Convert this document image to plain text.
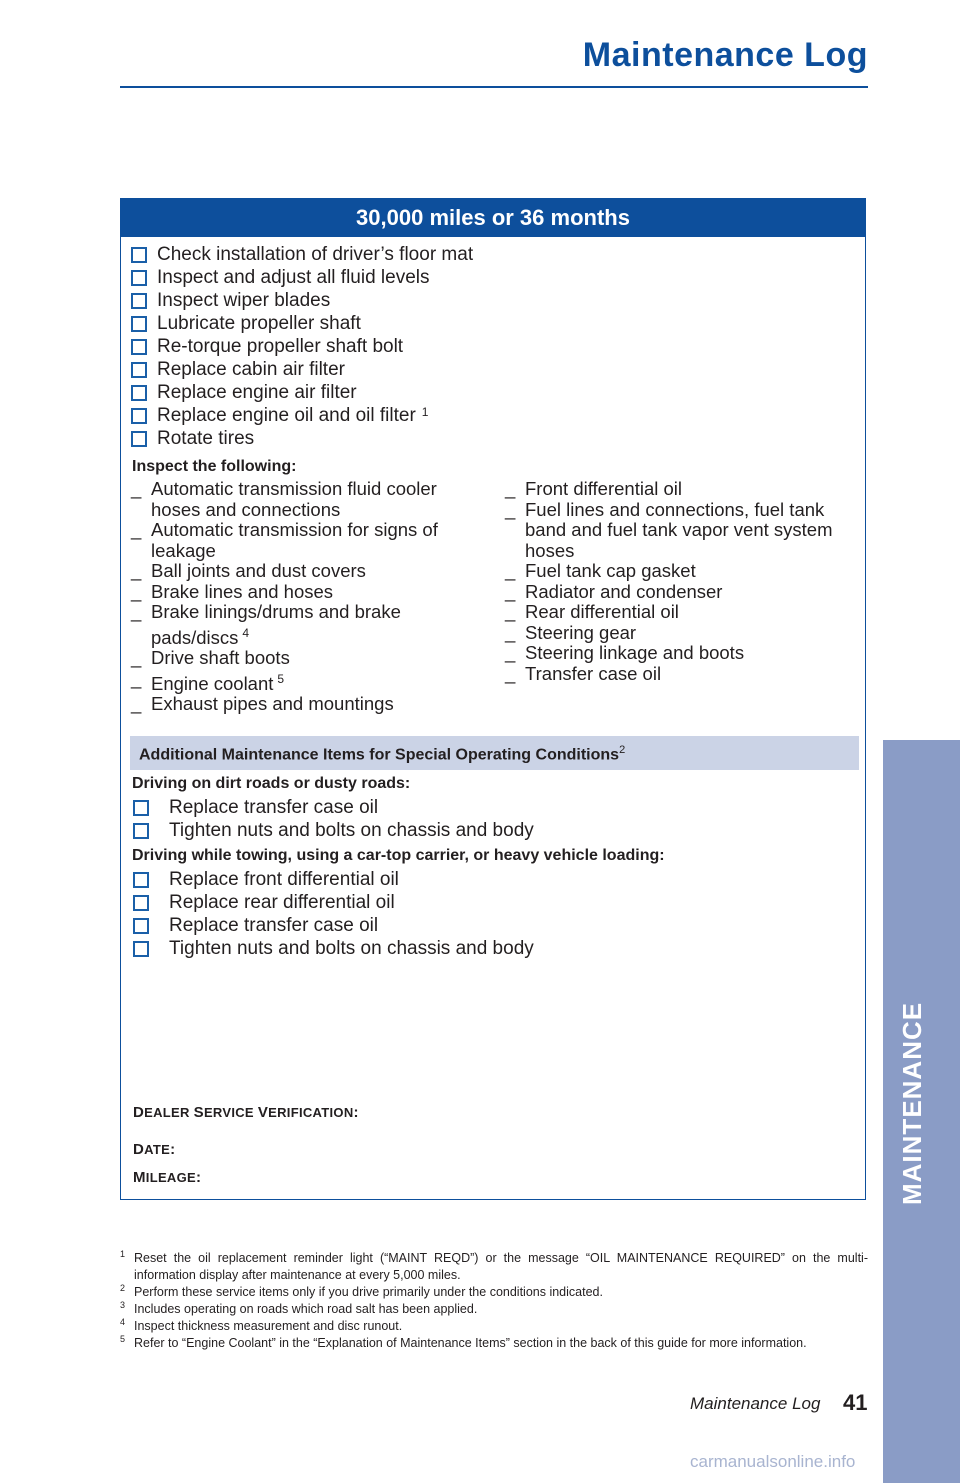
Maintenance Log
30,000 miles or 36 months
Check installation of driver’s floor mat
Inspect and adjust all fluid levels
Inspect wiper blades
Lubricate propeller shaft
Re-torque propeller shaft bolt
Replace cabin air filter
Replace engine air filter
Replace engine oil and oil filter $^1$
Rotate tires
Inspect the following:
_ Automatic transmission fluid cooler hoses and connections
_ Automatic transmission for signs of leakage
_ Ball joints and dust covers
_ Brake lines and hoses
_ Brake linings/drums and brake pads/discs $^4$
_ Drive shaft boots
_ Engine coolant $^5$
_ Exhaust pipes and mountings
_ Front differential oil
_ Fuel lines and connections, fuel tank band and fuel tank vapor vent system hoses
_ Fuel tank cap gasket
_ Radiator and condenser
_ Rear differential oil
_ Steering gear
_ Steering linkage and boots
_ Transfer case oil
Additional Maintenance Items for Special Operating Conditions$^2$
Driving on dirt roads or dusty roads:
Replace transfer case oil
Tighten nuts and bolts on chassis and body
Driving while towing, using a car-top carrier, or heavy vehicle loading:
Replace front differential oil
Replace rear differential oil
Replace transfer case oil
Tighten nuts and bolts on chassis and body
DEALER SERVICE VERIFICATION:
DATE:
MILEAGE:
1 Reset the oil replacement reminder light (“MAINT REQD”) or the message “OIL MAINTENANCE REQUIRED” on the multi-information display after maintenance at every 5,000 miles.
2 Perform these service items only if you drive primarily under the conditions indicated.
3 Includes operating on roads which road salt has been applied.
4 Inspect thickness measurement and disc runout.
5 Refer to “Engine Coolant” in the “Explanation of Maintenance Items” section in the back of this guide for more information.
Maintenance Log 41
MAINTENANCE
carmanualsonline.info
